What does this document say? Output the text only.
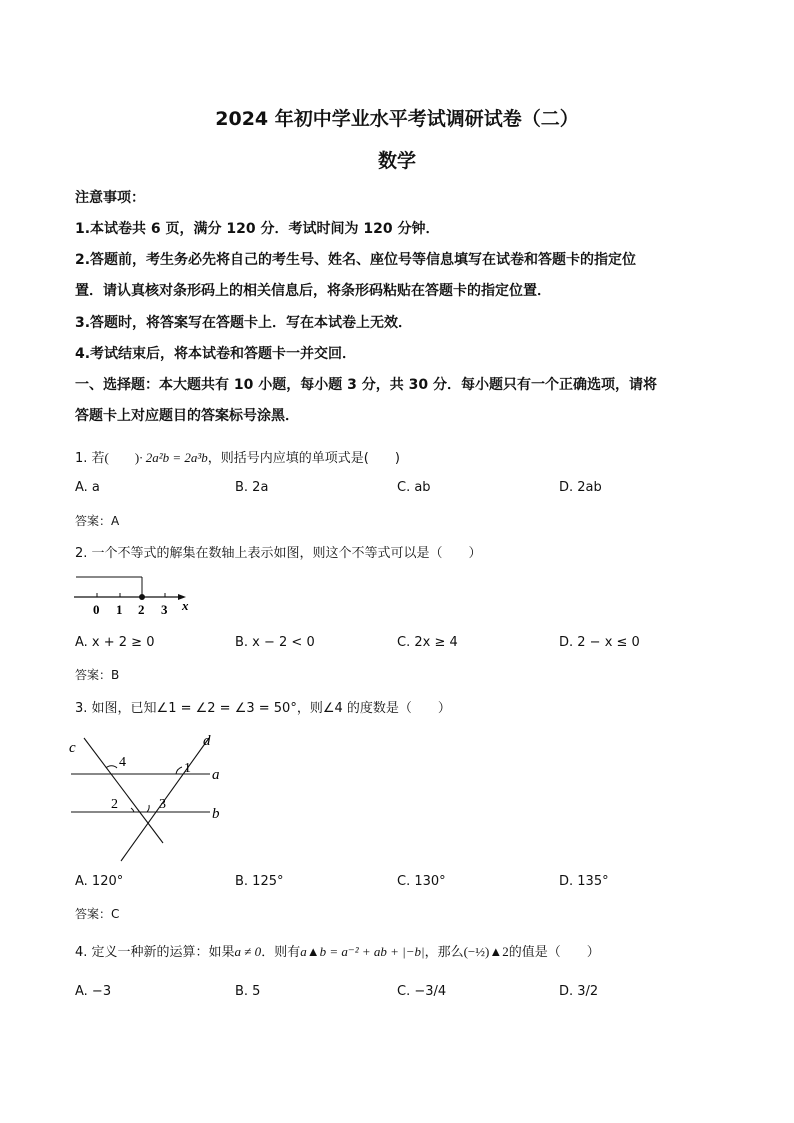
2024 年初中学业水平考试调研试卷（二）
数学
注意事项：
1.本试卷共 6 页，满分 120 分．考试时间为 120 分钟．
2.答题前，考生务必先将自己的考生号、姓名、座位号等信息填写在试卷和答题卡的指定位
置．请认真核对条形码上的相关信息后，将条形码粘贴在答题卡的指定位置．
3.答题时，将答案写在答题卡上．写在本试卷上无效．
4.考试结束后，将本试卷和答题卡一并交回．
一、选择题：本大题共有 10 小题，每小题 3 分，共 30 分．每小题只有一个正确选项，请将
答题卡上对应题目的答案标号涂黑．
1. 若(　　)· 2a²b = 2a³b，则括号内应填的单项式是(　　)
A. a	B. 2a	C. ab	D. 2ab
答案：A
2. 一个不等式的解集在数轴上表示如图，则这个不等式可以是（　　）
0 1 2 3 x
A. x + 2 ≥ 0	B. x − 2 < 0	C. 2x ≥ 4	D. 2 − x ≤ 0
答案：B
3. 如图，已知∠1 = ∠2 = ∠3 = 50°，则∠4 的度数是（　　）
c	d
a
b
1
4
2	3
A. 120°	B. 125°	C. 130°	D. 135°
答案：C
4. 定义一种新的运算：如果a ≠ 0．则有a▲b = a⁻² + ab + |−b|，那么(−½)▲2的值是（　　）
A. −3	B. 5	C. −3/4	D. 3/2
